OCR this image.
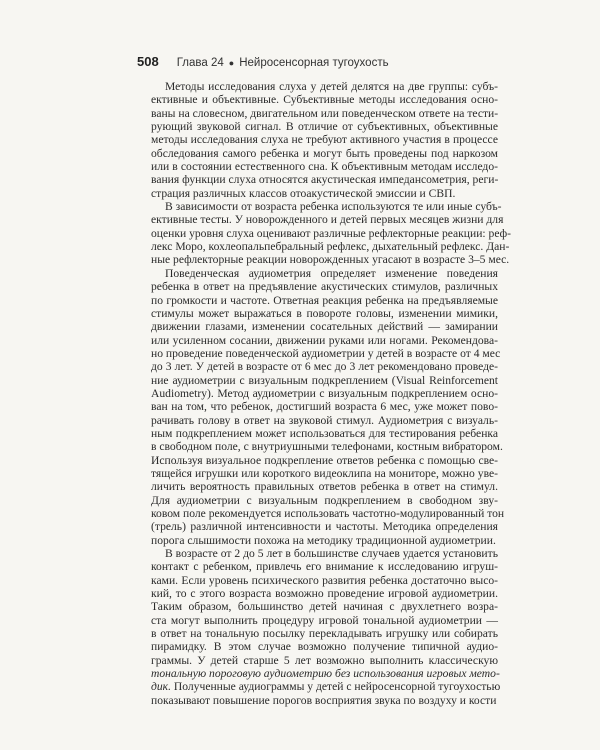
508 Глава 24 ● Нейросенсорная тугоухость
Методы исследования слуха у детей делятся на две группы: субъ-
ективные и объективные. Субъективные методы исследования осно-
ваны на словесном, двигательном или поведенческом ответе на тести-
рующий звуковой сигнал. В отличие от субъективных, объективные
методы исследования слуха не требуют активного участия в процессе
обследования самого ребенка и могут быть проведены под наркозом
или в состоянии естественного сна. К объективным методам исследо-
вания функции слуха относятся акустическая импедансометрия, реги-
страция различных классов отоакустической эмиссии и СВП.
В зависимости от возраста ребенка используются те или иные субъ-
ективные тесты. У новорожденного и детей первых месяцев жизни для
оценки уровня слуха оценивают различные рефлекторные реакции: реф-
лекс Моро, кохлеопальпебральный рефлекс, дыхательный рефлекс. Дан-
ные рефлекторные реакции новорожденных угасают в возрасте 3–5 мес.
Поведенческая аудиометрия определяет изменение поведения
ребенка в ответ на предъявление акустических стимулов, различных
по громкости и частоте. Ответная реакция ребенка на предъявляемые
стимулы может выражаться в повороте головы, изменении мимики,
движении глазами, изменении сосательных действий — замирании
или усиленном сосании, движении руками или ногами. Рекомендова-
но проведение поведенческой аудиометрии у детей в возрасте от 4 мес
до 3 лет. У детей в возрасте от 6 мес до 3 лет рекомендовано проведе-
ние аудиометрии с визуальным подкреплением (Visual Reinforcement
Audiometry). Метод аудиометрии с визуальным подкреплением осно-
ван на том, что ребенок, достигший возраста 6 мес, уже может пово-
рачивать голову в ответ на звуковой стимул. Аудиометрия с визуаль-
ным подкреплением может использоваться для тестирования ребенка
в свободном поле, с внутриушными телефонами, костным вибратором.
Используя визуальное подкрепление ответов ребенка с помощью све-
тящейся игрушки или короткого видеоклипа на мониторе, можно уве-
личить вероятность правильных ответов ребенка в ответ на стимул.
Для аудиометрии с визуальным подкреплением в свободном зву-
ковом поле рекомендуется использовать частотно-модулированный тон
(трель) различной интенсивности и частоты. Методика определения
порога слышимости похожа на методику традиционной аудиометрии.
В возрасте от 2 до 5 лет в большинстве случаев удается установить
контакт с ребенком, привлечь его внимание к исследованию игруш-
ками. Если уровень психического развития ребенка достаточно высо-
кий, то с этого возраста возможно проведение игровой аудиометрии.
Таким образом, большинство детей начиная с двухлетнего возра-
ста могут выполнить процедуру игровой тональной аудиометрии —
в ответ на тональную посылку перекладывать игрушку или собирать
пирамидку. В этом случае возможно получение типичной аудио-
граммы. У детей старше 5 лет возможно выполнить классическую
тональную пороговую аудиометрию без использования игровых мето-
дик. Полученные аудиограммы у детей с нейросенсорной тугоухостью
показывают повышение порогов восприятия звука по воздуху и кости
